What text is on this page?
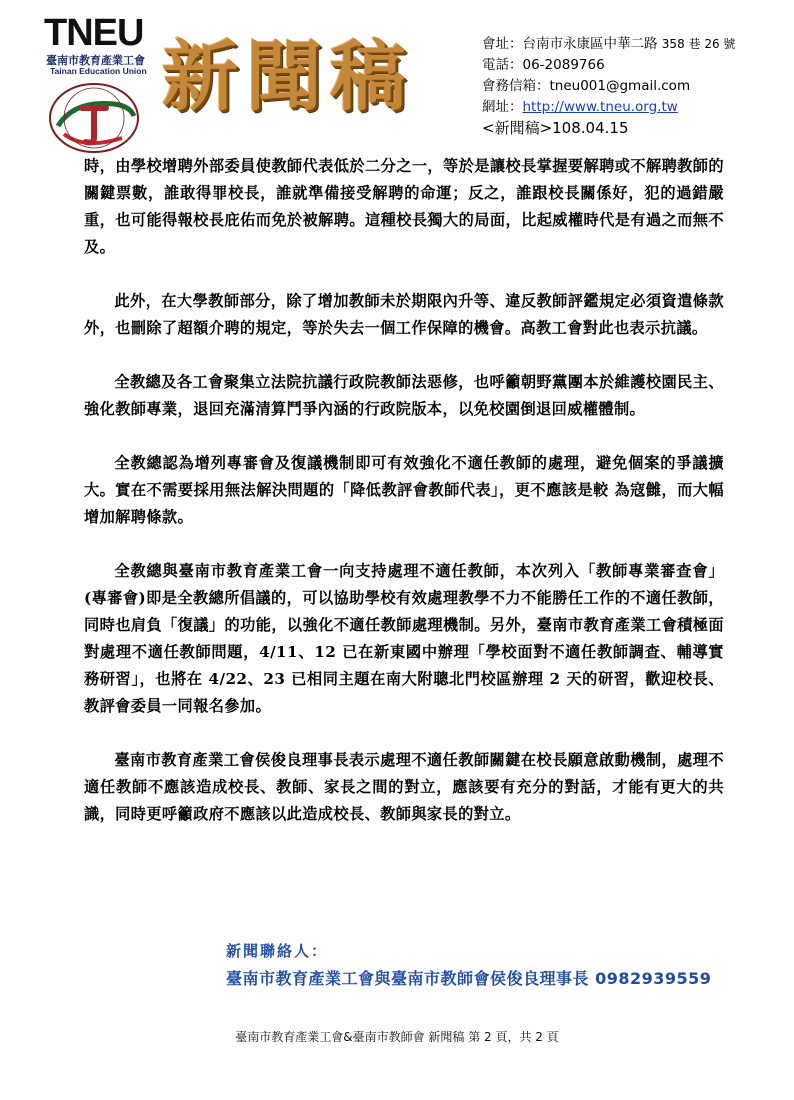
TNEU
臺南市教育產業工會
Tainan Education Union 新聞稿	會址：台南市永康區中華二路 358 巷 26 號
電話：06-2089766
會務信箱：tneu001@gmail.com
網址：http://www.tneu.org.tw
<新聞稿>108.04.15

時，由學校增聘外部委員使教師代表低於二分之一，等於是讓校長掌握要解聘或不解聘教師的關鍵票數，誰敢得罪校長，誰就準備接受解聘的命運；反之，誰跟校長關係好，犯的過錯嚴重，也可能得報校長庇佑而免於被解聘。這種校長獨大的局面，比起威權時代是有過之而無不及。

此外，在大學教師部分，除了增加教師未於期限內升等、違反教師評鑑規定必須資遣條款外，也刪除了超額介聘的規定，等於失去一個工作保障的機會。高教工會對此也表示抗議。

全教總及各工會聚集立法院抗議行政院教師法惡修，也呼籲朝野黨團本於維護校園民主、強化教師專業，退回充滿清算鬥爭內涵的行政院版本，以免校園倒退回威權體制。

全教總認為增列專審會及復議機制即可有效強化不適任教師的處理，避免個案的爭議擴大。實在不需要採用無法解決問題的「降低教評會教師代表」，更不應該是較 為寇雠，而大幅增加解聘條款。

全教總與臺南市教育產業工會一向支持處理不適任教師，本次列入「教師專業審查會」(專審會)即是全教總所倡議的，可以協助學校有效處理教學不力不能勝任工作的不適任教師，同時也肩負「復議」的功能，以強化不適任教師處理機制。另外，臺南市教育產業工會積極面對處理不適任教師問題，4/11、12 已在新東國中辦理「學校面對不適任教師調查、輔導實務研習」，也將在 4/22、23 已相同主題在南大附聰北門校區辦理 2 天的研習，歡迎校長、教評會委員一同報名參加。

臺南市教育產業工會侯俊良理事長表示處理不適任教師關鍵在校長願意啟動機制，處理不適任教師不應該造成校長、教師、家長之間的對立，應該要有充分的對話，才能有更大的共識，同時更呼籲政府不應該以此造成校長、教師與家長的對立。

新聞聯絡人：
臺南市教育產業工會與臺南市教師會侯俊良理事長 0982939559
臺南市教育產業工會&臺南市教師會 新聞稿 第 2 頁，共 2 頁
